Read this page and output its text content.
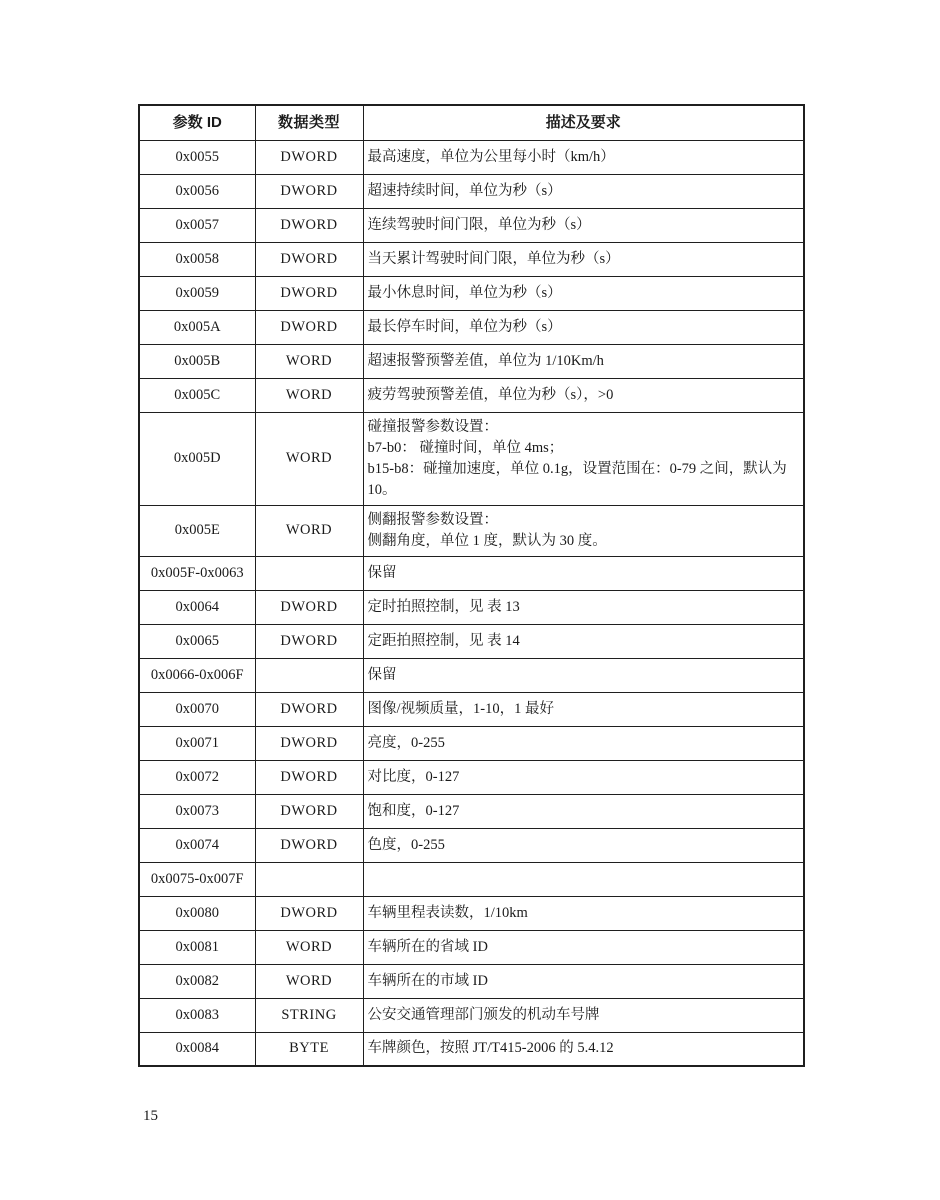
参数 ID	数据类型	描述及要求
0x0055	DWORD	最高速度，单位为公里每小时（km/h）

0x0056	DWORD	超速持续时间，单位为秒（s）

0x0057	DWORD	连续驾驶时间门限，单位为秒（s）

0x0058	DWORD	当天累计驾驶时间门限，单位为秒（s）

0x0059	DWORD	最小休息时间，单位为秒（s）

0x005A	DWORD	最长停车时间，单位为秒（s）

0x005B	WORD	超速报警预警差值，单位为 1/10Km/h

0x005C	WORD	疲劳驾驶预警差值，单位为秒（s），>0

0x005D	WORD	碰撞报警参数设置：
b7-b0： 碰撞时间，单位 4ms；
b15-b8：碰撞加速度，单位 0.1g，设置范围在：0-79 之间，默认为
10。

0x005E	WORD	侧翻报警参数设置：
侧翻角度，单位 1 度，默认为 30 度。

0x005F-0x0063		保留

0x0064	DWORD	定时拍照控制，见 表 13

0x0065	DWORD	定距拍照控制，见 表 14

0x0066-0x006F		保留

0x0070	DWORD	图像/视频质量，1-10，1 最好

0x0071	DWORD	亮度，0-255

0x0072	DWORD	对比度，0-127

0x0073	DWORD	饱和度，0-127

0x0074	DWORD	色度，0-255

0x0075-0x007F		
0x0080	DWORD	车辆里程表读数，1/10km

0x0081	WORD	车辆所在的省域 ID

0x0082	WORD	车辆所在的市域 ID

0x0083	STRING	公安交通管理部门颁发的机动车号牌

0x0084	BYTE	车牌颜色，按照 JT/T415-2006 的 5.4.12
15
